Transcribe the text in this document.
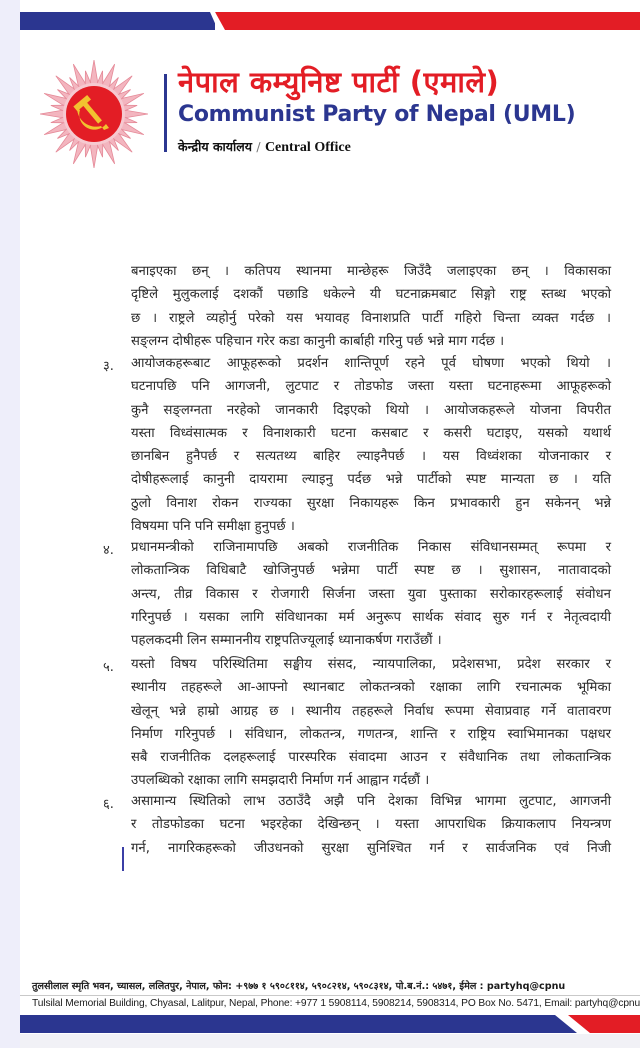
नेपाल कम्युनिष्ट पार्टी (एमाले)
Communist Party of Nepal (UML)
केन्द्रीय कार्यालय / Central Office
बनाइएका छन् । कतिपय स्थानमा मान्छेहरू जिउँदै जलाइएका छन् । विकासका
दृष्टिले मुलुकलाई दशकौं पछाडि धकेल्ने यी घटनाक्रमबाट सिङ्गो राष्ट्र स्तब्ध भएको
छ । राष्ट्रले व्यहोर्नु परेको यस भयावह विनाशप्रति पार्टी गहिरो चिन्ता व्यक्त गर्दछ ।
सङ्लग्न दोषीहरू पहिचान गरेर कडा कानुनी कार्बाही गरिनु पर्छ भन्ने माग गर्दछ ।
३. आयोजकहरूबाट आफूहरूको प्रदर्शन शान्तिपूर्ण रहने पूर्व घोषणा भएको थियो ।
घटनापछि पनि आगजनी, लुटपाट र तोडफोड जस्ता यस्ता घटनाहरूमा आफूहरूको
कुनै सङ्लग्नता नरहेको जानकारी दिइएको थियो । आयोजकहरूले योजना विपरीत
यस्ता विध्वंसात्मक र विनाशकारी घटना कसबाट र कसरी घटाइए, यसको यथार्थ
छानबिन हुनैपर्छ र सत्यतथ्य बाहिर ल्याइनैपर्छ । यस विध्वंशका योजनाकार र
दोषीहरूलाई कानुनी दायरामा ल्याइनु पर्दछ भन्ने पार्टीको स्पष्ट मान्यता छ । यति
ठुलो विनाश रोकन राज्यका सुरक्षा निकायहरू किन प्रभावकारी हुन सकेनन् भन्ने
विषयमा पनि पनि समीक्षा हुनुपर्छ ।
४. प्रधानमन्त्रीको राजिनामापछि अबको राजनीतिक निकास संविधानसम्मत् रूपमा र
लोकतान्त्रिक विधिबाटै खोजिनुपर्छ भन्नेमा पार्टी स्पष्ट छ । सुशासन, नातावादको
अन्त्य, तीव्र विकास र रोजगारी सिर्जना जस्ता युवा पुस्ताका सरोकारहरूलाई संवोधन
गरिनुपर्छ । यसका लागि संविधानका मर्म अनुरूप सार्थक संवाद सुरु गर्न र नेतृत्वदायी
पहलकदमी लिन सम्माननीय राष्ट्रपतिज्यूलाई ध्यानाकर्षण गराउँछौं ।
५. यस्तो विषय परिस्थितिमा सङ्घीय संसद, न्यायपालिका, प्रदेशसभा, प्रदेश सरकार र
स्थानीय तहहरूले आ-आफ्नो स्थानबाट लोकतन्त्रको रक्षाका लागि रचनात्मक भूमिका
खेलून् भन्ने हाम्रो आग्रह छ । स्थानीय तहहरूले निर्वाध रूपमा सेवाप्रवाह गर्ने वातावरण
निर्माण गरिनुपर्छ । संविधान, लोकतन्त्र, गणतन्त्र, शान्ति र राष्ट्रिय स्वाभिमानका पक्षधर
सबै राजनीतिक दलहरूलाई पारस्परिक संवादमा आउन र संवैधानिक तथा लोकतान्त्रिक
उपलब्धिको रक्षाका लागि समझदारी निर्माण गर्न आह्वान गर्दछौं ।
६. असामान्य स्थितिको लाभ उठाउँदै अझै पनि देशका विभिन्न भागमा लुटपाट, आगजनी
र तोडफोडका घटना भइरहेका देखिन्छन् । यस्ता आपराधिक क्रियाकलाप नियन्त्रण
गर्न, नागरिकहरूको जीउधनको सुरक्षा सुनिश्चित गर्न र सार्वजनिक एवं निजी
तुलसीलाल स्मृति भवन, च्यासल, ललितपुर, नेपाल, फोन: +९७७ १ ५९०८११४, ५९०८२१४, ५९०८३१४, पो.ब.नं.: ५४७१, ईमेल : partyhq@cpnu
Tulsilal Memorial Building, Chyasal, Lalitpur, Nepal, Phone: +977 1 5908114, 5908214, 5908314, PO Box No. 5471, Email: partyhq@cpnu
